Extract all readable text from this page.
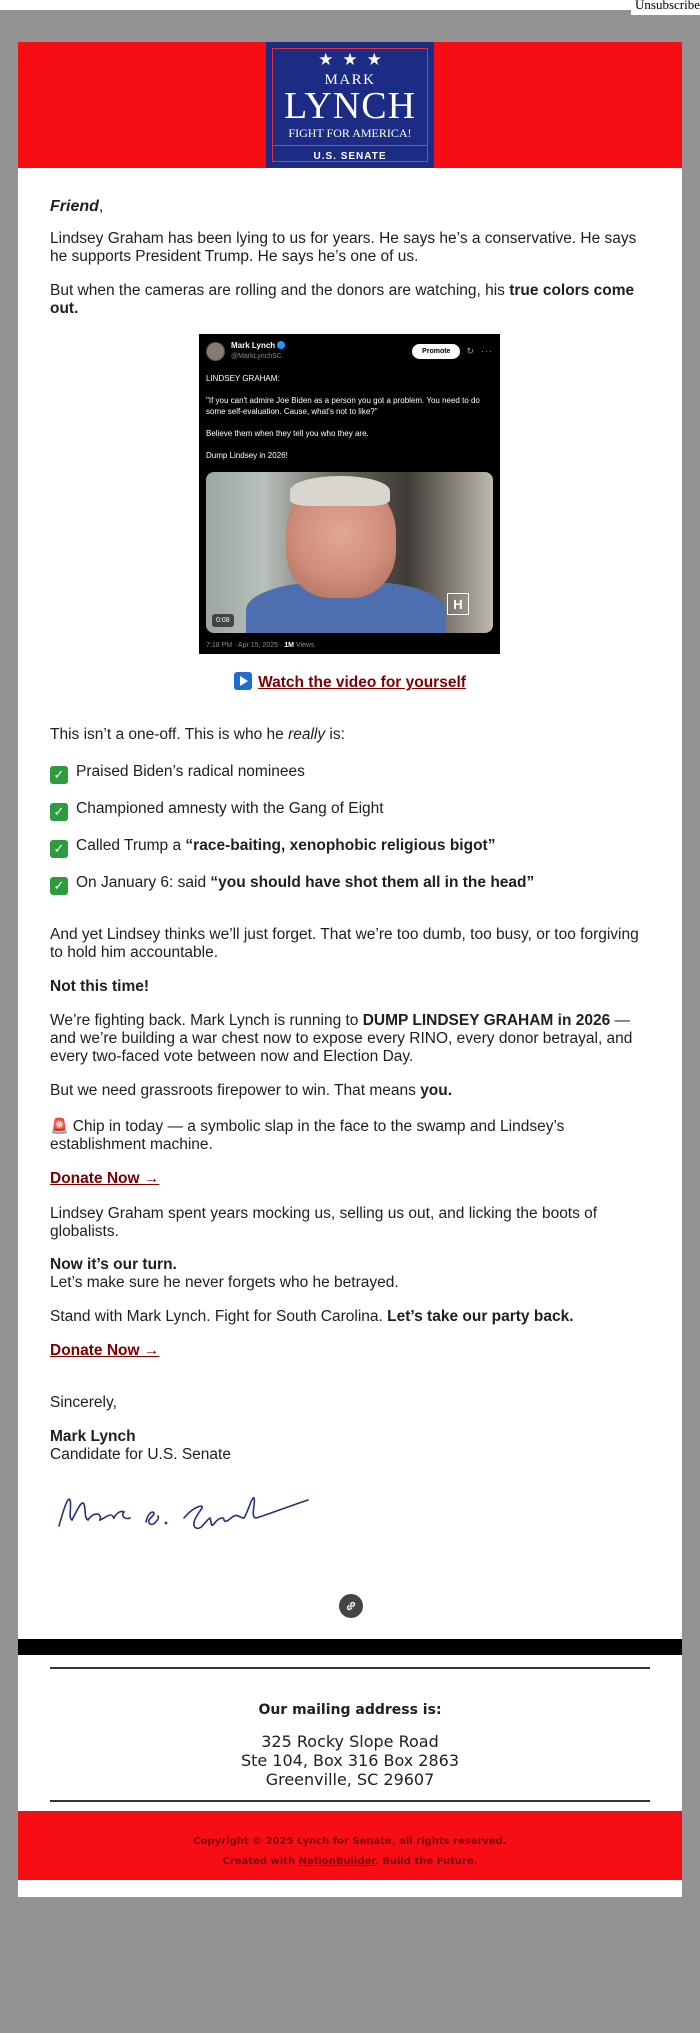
Unsubscribe
★★★
MARK
LYNCH
FIGHT FOR AMERICA!
U.S. SENATE

Friend,

Lindsey Graham has been lying to us for years. He says he’s a conservative. He says he supports President Trump. He says he’s one of us.

But when the cameras are rolling and the donors are watching, his true colors come out.

Mark Lynch
@MarkLynchSC
Promote	↻ ···

LINDSEY GRAHAM:

"If you can't admire Joe Biden as a person you got a problem. You need to do some self-evaluation. Cause, what's not to like?"

Believe them when they tell you who they are.

Dump Lindsey in 2026!

0:08
H
7:18 PM · Apr 15, 2025 · 1M Views

Watch the video for yourself

This isn’t a one-off. This is who he really is:

✓ Praised Biden’s radical nominees

✓ Championed amnesty with the Gang of Eight

✓ Called Trump a “race-baiting, xenophobic religious bigot”

✓ On January 6: said “you should have shot them all in the head”

And yet Lindsey thinks we’ll just forget. That we’re too dumb, too busy, or too forgiving to hold him accountable.

Not this time!

We’re fighting back. Mark Lynch is running to DUMP LINDSEY GRAHAM in 2026 — and we’re building a war chest now to expose every RINO, every donor betrayal, and every two-faced vote between now and Election Day.

But we need grassroots firepower to win. That means you.

🚨 Chip in today — a symbolic slap in the face to the swamp and Lindsey’s establishment machine.

Donate Now →

Lindsey Graham spent years mocking us, selling us out, and licking the boots of globalists.

Now it’s our turn.
Let’s make sure he never forgets who he betrayed.

Stand with Mark Lynch. Fight for South Carolina. Let’s take our party back.

Donate Now →

Sincerely,

Mark Lynch
Candidate for U.S. Senate

Our mailing address is:
325 Rocky Slope Road
Ste 104, Box 316 Box 2863
Greenville, SC 29607
Copyright © 2025 Lynch for Senate, all rights reserved.
Created with NationBuilder. Build the Future.
